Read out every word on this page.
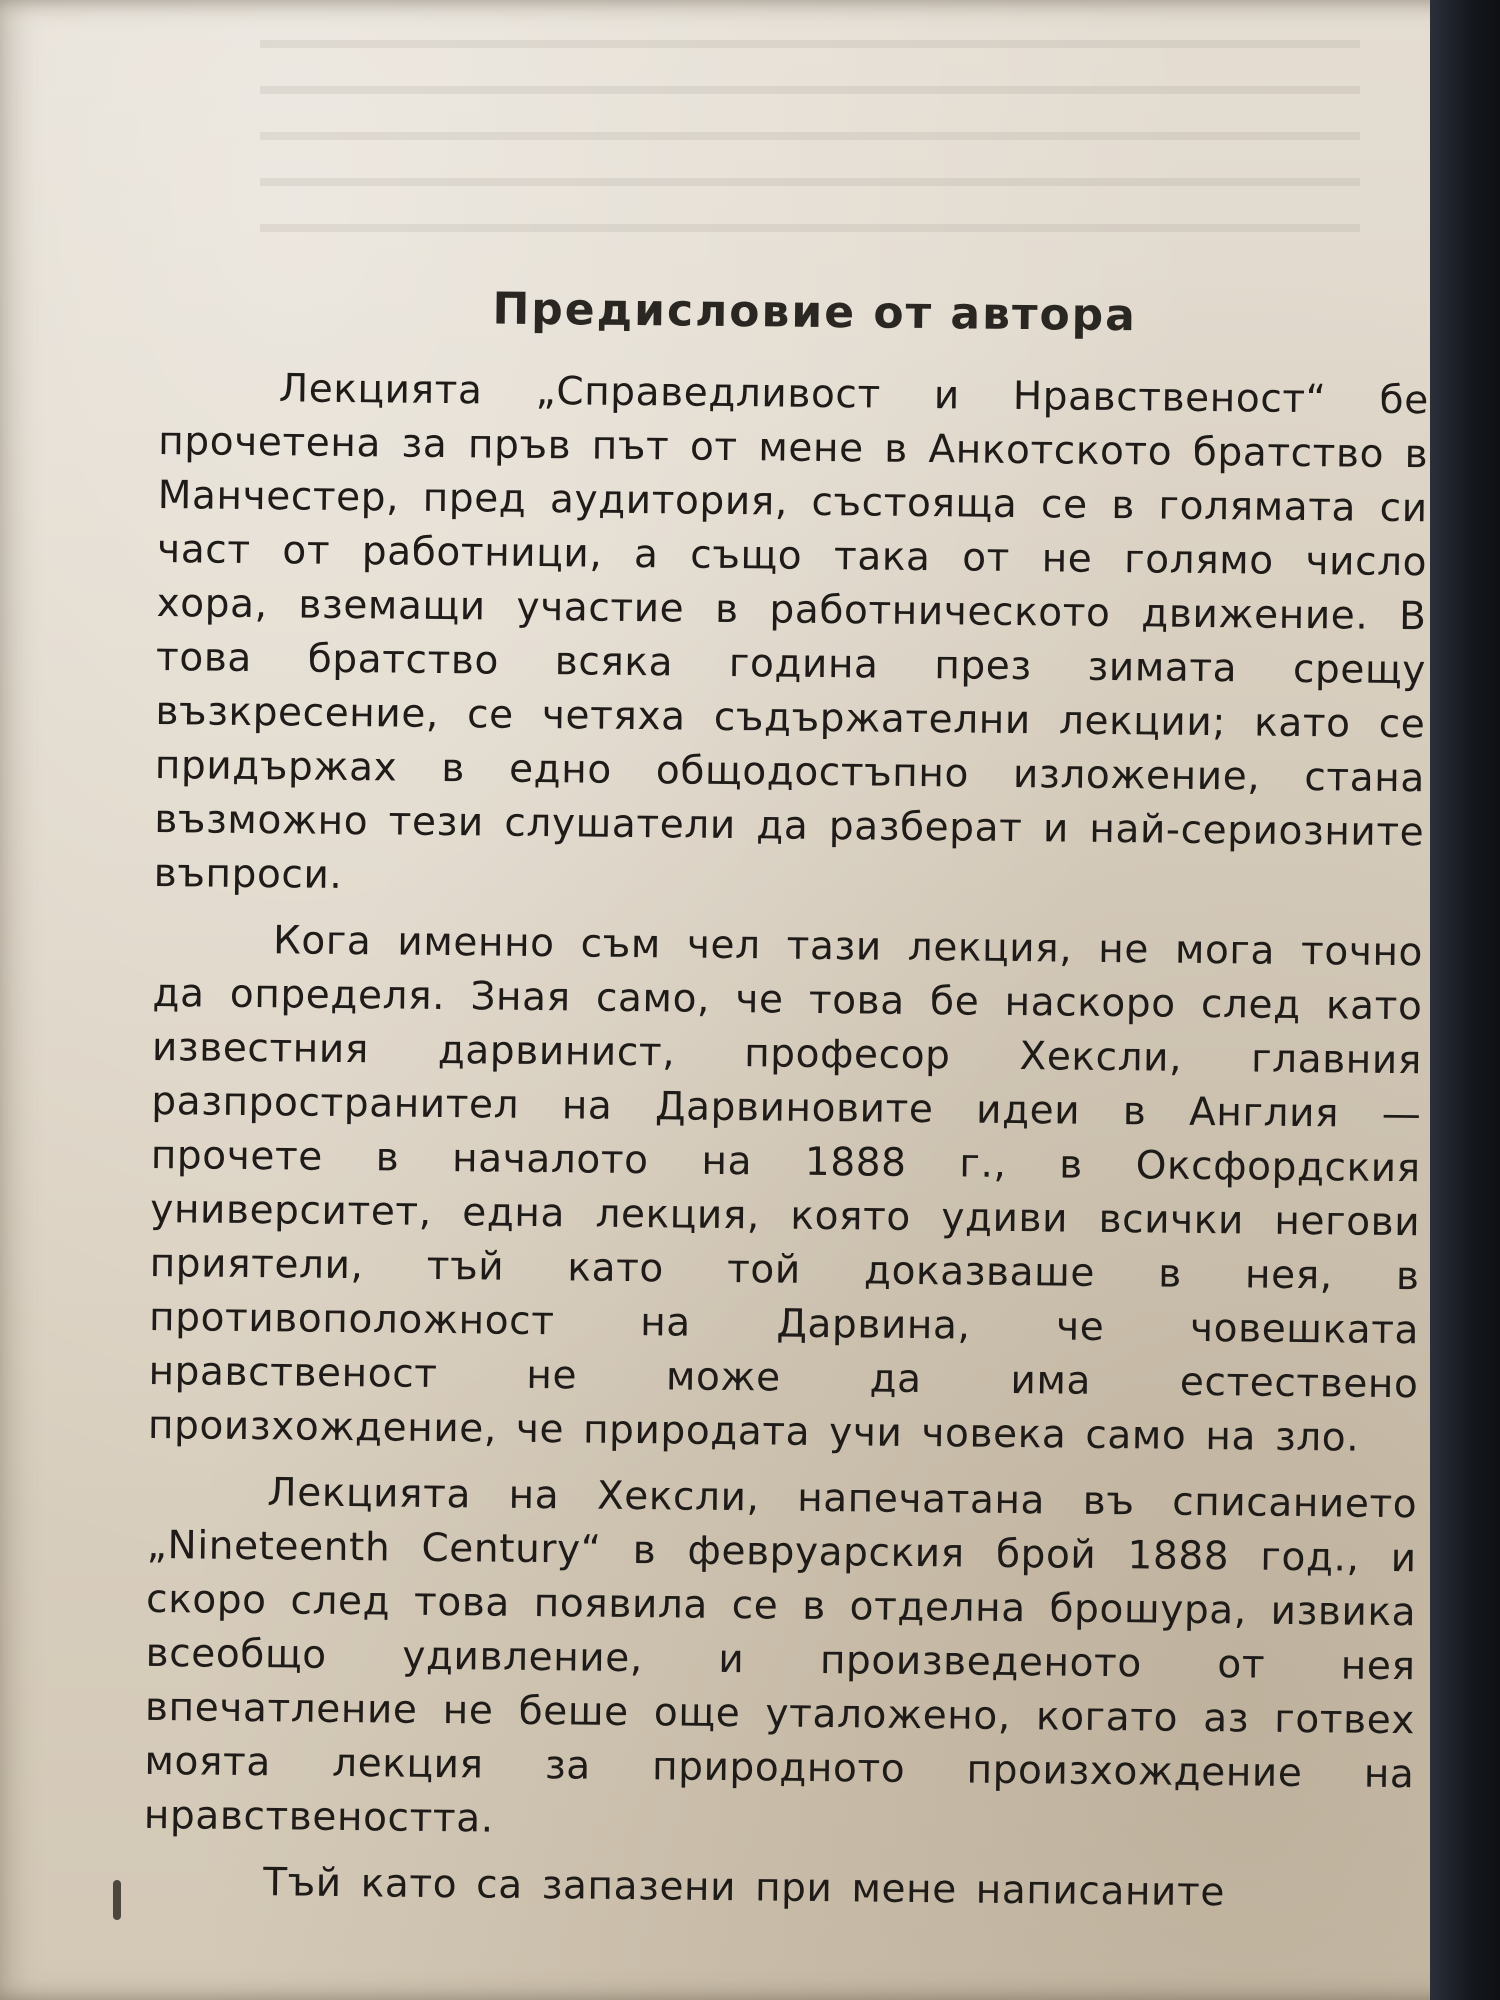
Предисловие от автора

Лекцията „Справедливост и Нравственост“ бе прочетена за пръв път от мене в Анкотското братство в Манчестер, пред аудитория, състояща се в голямата си част от работници, а също така от не голямо число хора, вземащи участие в работническото движение. В това братство всяка година през зимата срещу възкресение, се четяха съдържателни лекции; като се придържах в едно общодостъпно изложение, стана възможно тези слушатели да разберат и най-сериозните въпроси.

Кога именно съм чел тази лекция, не мога точно да определя. Зная само, че това бе наскоро след като известния дарвинист, професор Хексли, главния разпространител на Дарвиновите идеи в Англия — прочете в началото на 1888 г., в Оксфордския университет, една лекция, която удиви всички негови приятели, тъй като той доказваше в нея, в противоположност на Дарвина, че човешката нравственост не може да има естествено произхождение, че природата учи човека само на зло.

Лекцията на Хексли, напечатана въ списанието „Nineteenth Century“ в февруарския брой 1888 год., и скоро след това появила се в отделна брошура, извика всеобщо удивление, и произведеното от нея впечатление не беше още уталожено, когато аз готвех моята лекция за природното произхождение на нравствеността.

Тъй като са запазени при мене написаните
